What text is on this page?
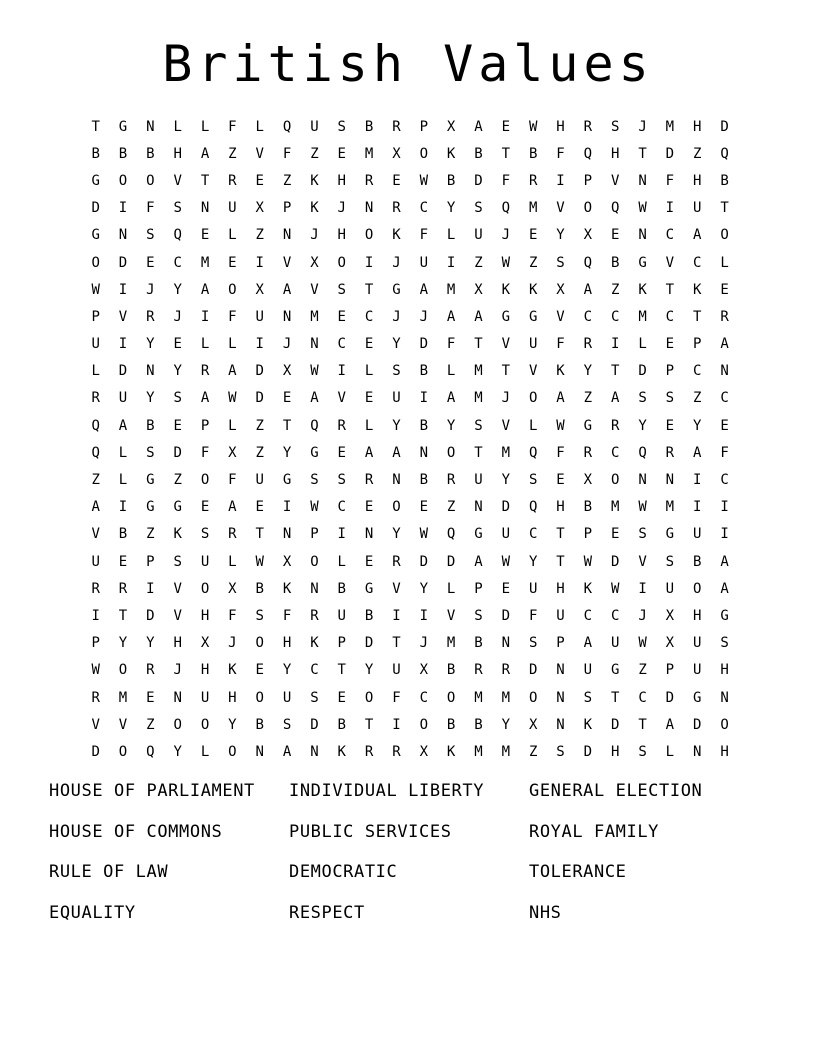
British Values
T	G	N	L	L	F	L	Q	U	S	B	R	P	X	A	E	W	H	R	S	J	M	H	D
B	B	B	H	A	Z	V	F	Z	E	M	X	O	K	B	T	B	F	Q	H	T	D	Z	Q
G	O	O	V	T	R	E	Z	K	H	R	E	W	B	D	F	R	I	P	V	N	F	H	B
D	I	F	S	N	U	X	P	K	J	N	R	C	Y	S	Q	M	V	O	Q	W	I	U	T
G	N	S	Q	E	L	Z	N	J	H	O	K	F	L	U	J	E	Y	X	E	N	C	A	O
O	D	E	C	M	E	I	V	X	O	I	J	U	I	Z	W	Z	S	Q	B	G	V	C	L
W	I	J	Y	A	O	X	A	V	S	T	G	A	M	X	K	K	X	A	Z	K	T	K	E
P	V	R	J	I	F	U	N	M	E	C	J	J	A	A	G	G	V	C	C	M	C	T	R
U	I	Y	E	L	L	I	J	N	C	E	Y	D	F	T	V	U	F	R	I	L	E	P	A
L	D	N	Y	R	A	D	X	W	I	L	S	B	L	M	T	V	K	Y	T	D	P	C	N
R	U	Y	S	A	W	D	E	A	V	E	U	I	A	M	J	O	A	Z	A	S	S	Z	C
Q	A	B	E	P	L	Z	T	Q	R	L	Y	B	Y	S	V	L	W	G	R	Y	E	Y	E
Q	L	S	D	F	X	Z	Y	G	E	A	A	N	O	T	M	Q	F	R	C	Q	R	A	F
Z	L	G	Z	O	F	U	G	S	S	R	N	B	R	U	Y	S	E	X	O	N	N	I	C
A	I	G	G	E	A	E	I	W	C	E	O	E	Z	N	D	Q	H	B	M	W	M	I	I
V	B	Z	K	S	R	T	N	P	I	N	Y	W	Q	G	U	C	T	P	E	S	G	U	I
U	E	P	S	U	L	W	X	O	L	E	R	D	D	A	W	Y	T	W	D	V	S	B	A
R	R	I	V	O	X	B	K	N	B	G	V	Y	L	P	E	U	H	K	W	I	U	O	A
I	T	D	V	H	F	S	F	R	U	B	I	I	V	S	D	F	U	C	C	J	X	H	G
P	Y	Y	H	X	J	O	H	K	P	D	T	J	M	B	N	S	P	A	U	W	X	U	S
W	O	R	J	H	K	E	Y	C	T	Y	U	X	B	R	R	D	N	U	G	Z	P	U	H
R	M	E	N	U	H	O	U	S	E	O	F	C	O	M	M	O	N	S	T	C	D	G	N
V	V	Z	O	O	Y	B	S	D	B	T	I	O	B	B	Y	X	N	K	D	T	A	D	O
D	O	Q	Y	L	O	N	A	N	K	R	R	X	K	M	M	Z	S	D	H	S	L	N	H
HOUSE OF PARLIAMENT	INDIVIDUAL LIBERTY	GENERAL ELECTION
HOUSE OF COMMONS	PUBLIC SERVICES	ROYAL FAMILY
RULE OF LAW	DEMOCRATIC	TOLERANCE
EQUALITY	RESPECT	NHS
